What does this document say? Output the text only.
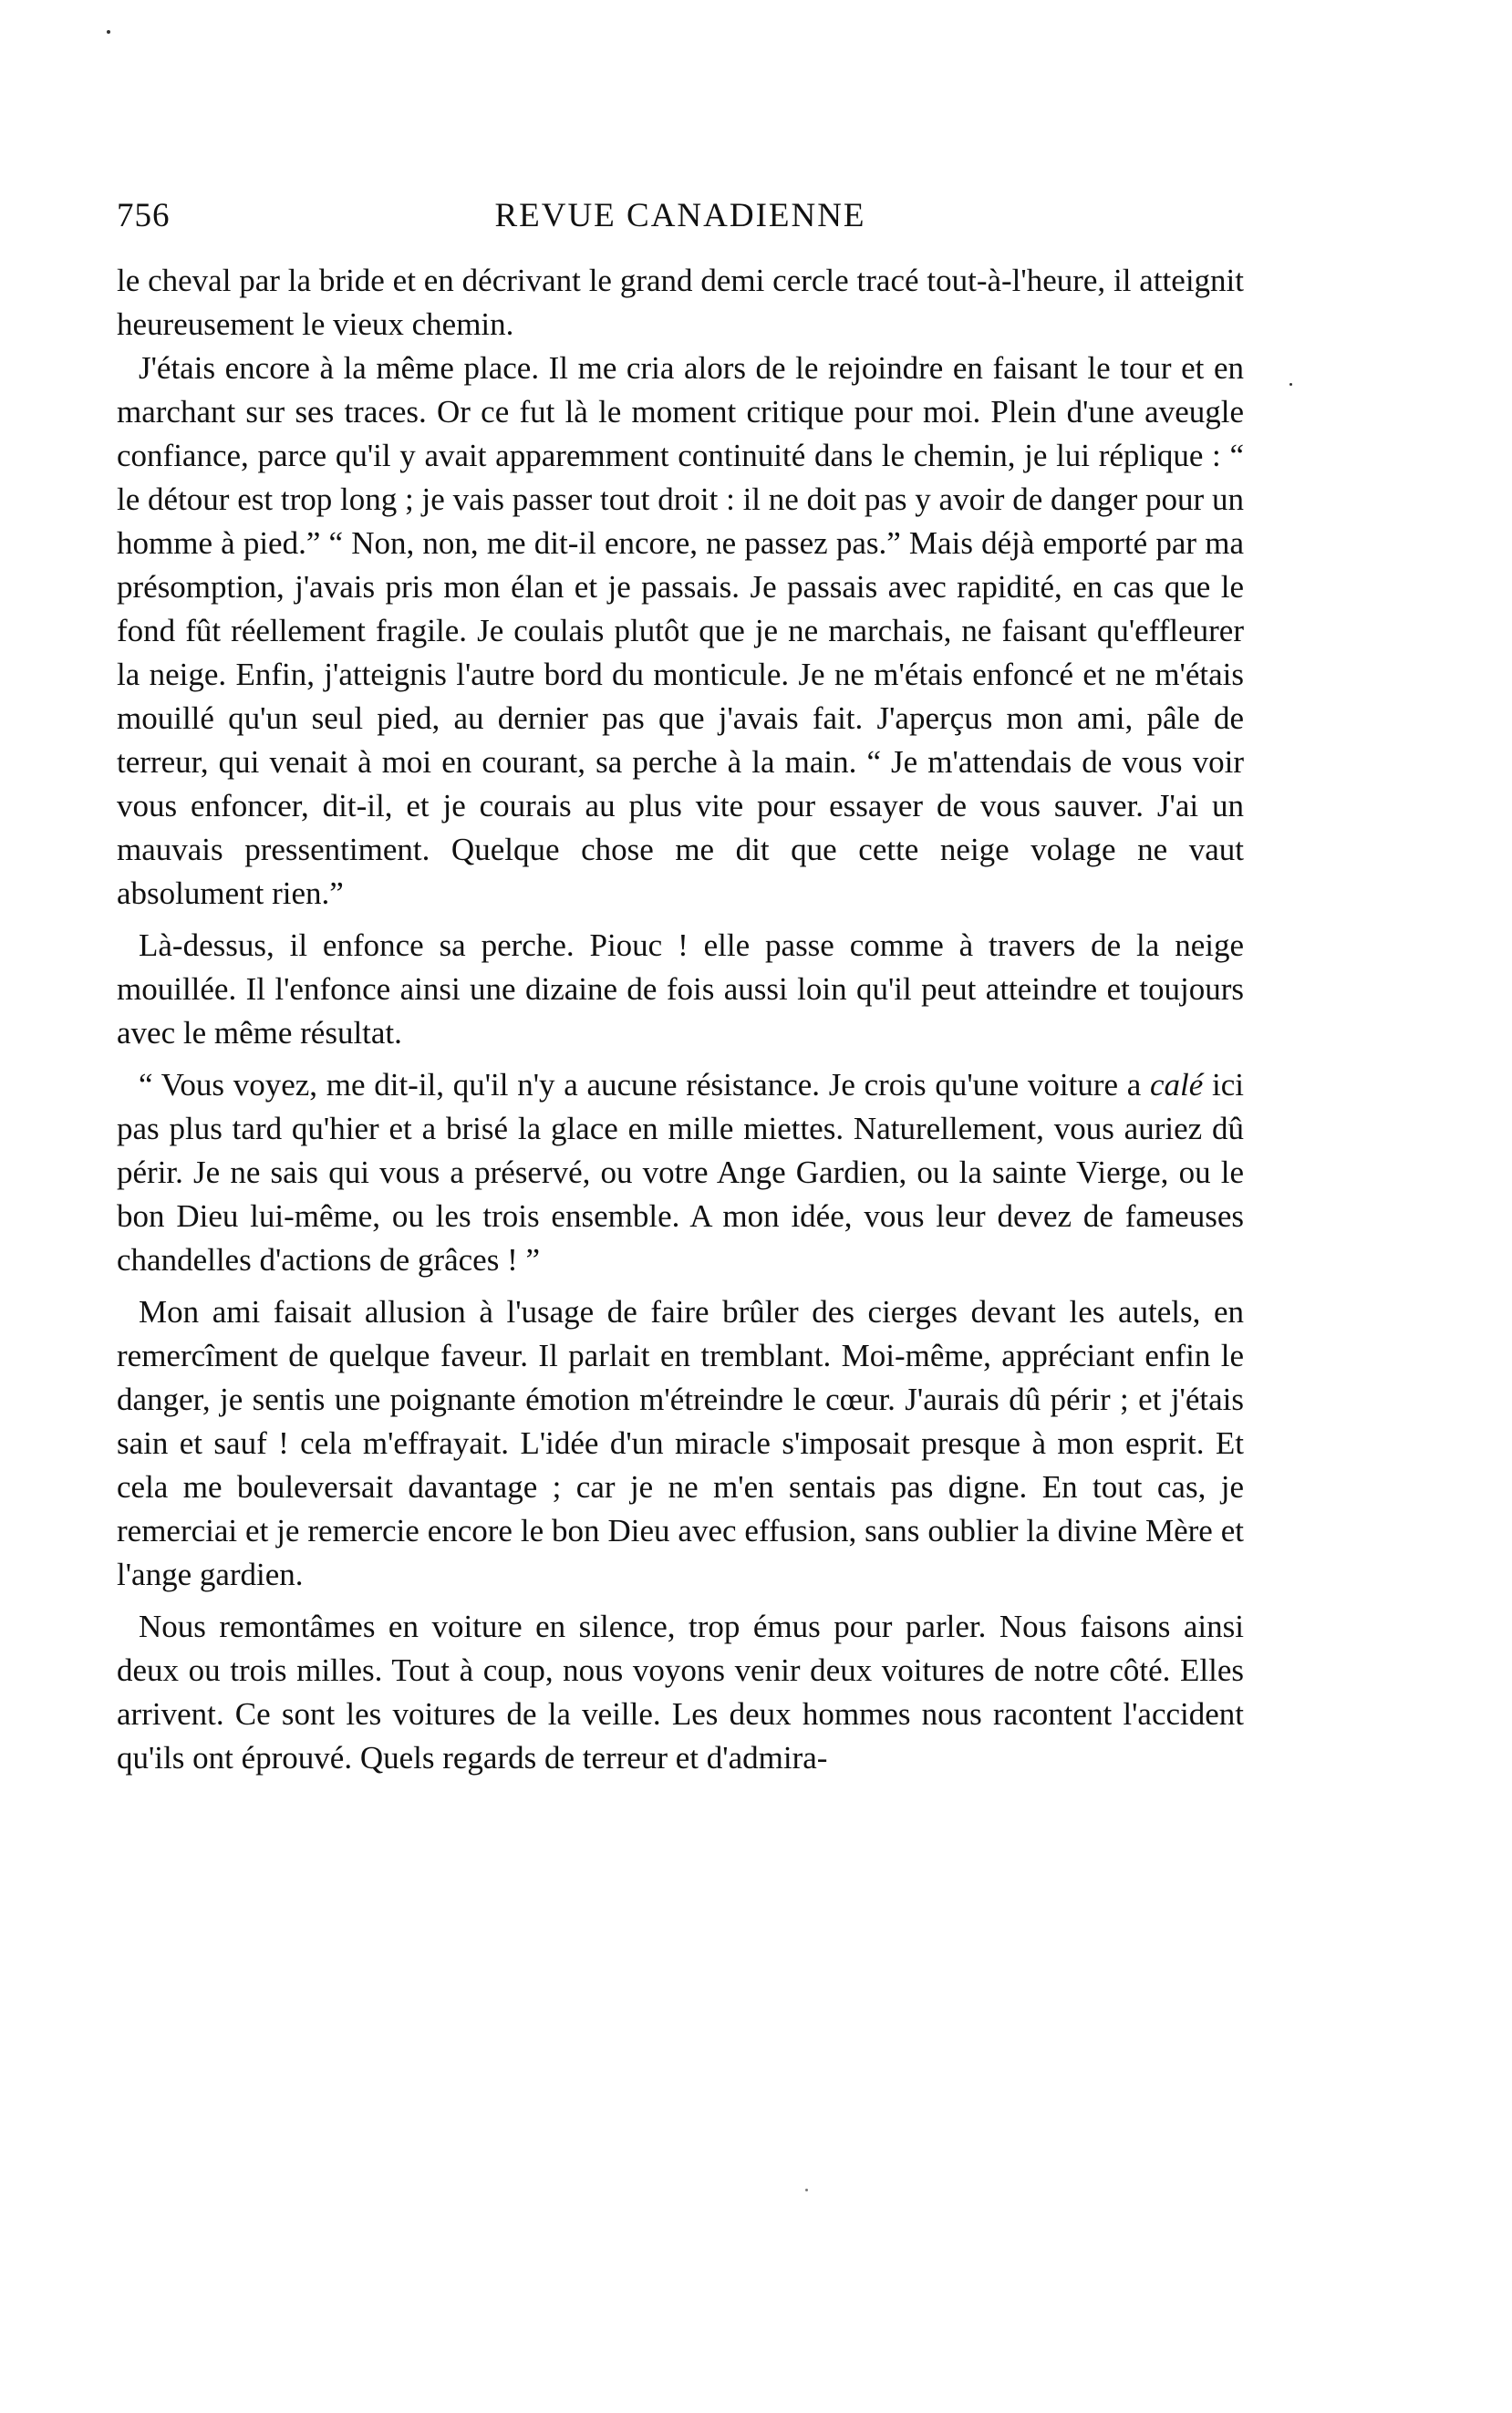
756	REVUE CANADIENNE

le cheval par la bride et en décrivant le grand demi cercle tracé tout-à-l'heure, il atteignit heureusement le vieux chemin.

J'étais encore à la même place. Il me cria alors de le rejoindre en faisant le tour et en marchant sur ses traces. Or ce fut là le moment critique pour moi. Plein d'une aveugle confiance, parce qu'il y avait apparemment continuité dans le chemin, je lui réplique : “ le détour est trop long ; je vais passer tout droit : il ne doit pas y avoir de danger pour un homme à pied.” “ Non, non, me dit-il encore, ne passez pas.” Mais déjà emporté par ma présomption, j'avais pris mon élan et je passais. Je passais avec rapidité, en cas que le fond fût réellement fragile. Je coulais plutôt que je ne marchais, ne faisant qu'effleurer la neige. Enfin, j'atteignis l'autre bord du monticule. Je ne m'étais enfoncé et ne m'étais mouillé qu'un seul pied, au dernier pas que j'avais fait. J'aperçus mon ami, pâle de terreur, qui venait à moi en courant, sa perche à la main. “ Je m'attendais de vous voir vous enfoncer, dit-il, et je courais au plus vite pour essayer de vous sauver. J'ai un mauvais pressentiment. Quelque chose me dit que cette neige volage ne vaut absolument rien.”

Là-dessus, il enfonce sa perche. Piouc ! elle passe comme à travers de la neige mouillée. Il l'enfonce ainsi une dizaine de fois aussi loin qu'il peut atteindre et toujours avec le même résultat.

“ Vous voyez, me dit-il, qu'il n'y a aucune résistance. Je crois qu'une voiture a calé ici pas plus tard qu'hier et a brisé la glace en mille miettes. Naturellement, vous auriez dû périr. Je ne sais qui vous a préservé, ou votre Ange Gardien, ou la sainte Vierge, ou le bon Dieu lui-même, ou les trois ensemble. A mon idée, vous leur devez de fameuses chandelles d'actions de grâces ! ”

Mon ami faisait allusion à l'usage de faire brûler des cierges devant les autels, en remercîment de quelque faveur. Il parlait en tremblant. Moi-même, appréciant enfin le danger, je sentis une poignante émotion m'étreindre le cœur. J'aurais dû périr ; et j'étais sain et sauf ! cela m'effrayait. L'idée d'un miracle s'imposait presque à mon esprit. Et cela me bouleversait davantage ; car je ne m'en sentais pas digne. En tout cas, je remerciai et je remercie encore le bon Dieu avec effusion, sans oublier la divine Mère et l'ange gardien.

Nous remontâmes en voiture en silence, trop émus pour parler. Nous faisons ainsi deux ou trois milles. Tout à coup, nous voyons venir deux voitures de notre côté. Elles arrivent. Ce sont les voitures de la veille. Les deux hommes nous racontent l'accident qu'ils ont éprouvé. Quels regards de terreur et d'admira-
